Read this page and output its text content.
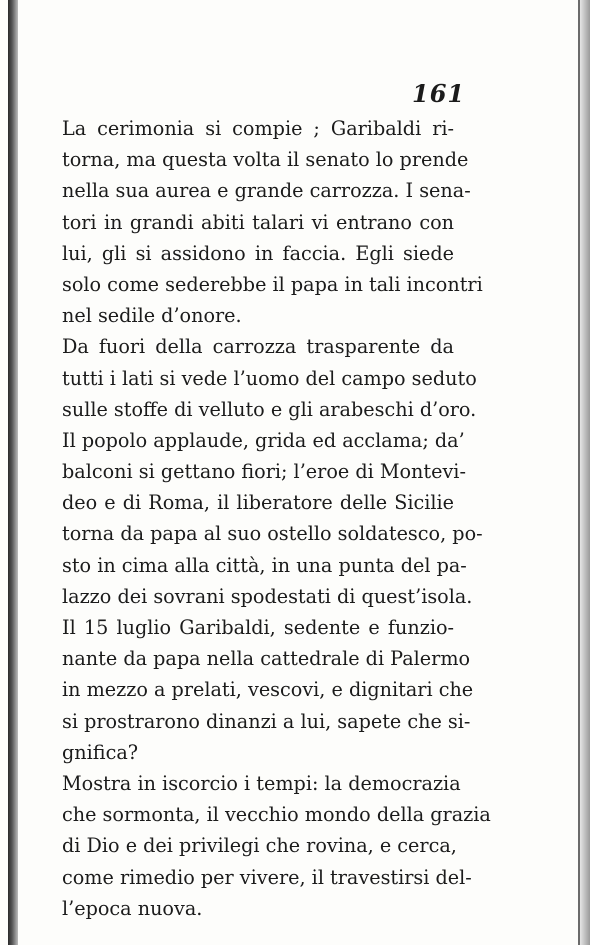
161
La cerimonia si compie ; Garibaldi ri-
torna, ma questa volta il senato lo prende
nella sua aurea e grande carrozza. I sena-
tori in grandi abiti talari vi entrano con
lui, gli si assidono in faccia. Egli siede
solo come sederebbe il papa in tali incontri
nel sedile d’onore.
Da fuori della carrozza trasparente da
tutti i lati si vede l’uomo del campo seduto
sulle stoffe di velluto e gli arabeschi d’oro.
Il popolo applaude, grida ed acclama; da’
balconi si gettano fiori; l’eroe di Montevi-
deo e di Roma, il liberatore delle Sicilie
torna da papa al suo ostello soldatesco, po-
sto in cima alla città, in una punta del pa-
lazzo dei sovrani spodestati di quest’isola.
Il 15 luglio Garibaldi, sedente e funzio-
nante da papa nella cattedrale di Palermo
in mezzo a prelati, vescovi, e dignitari che
si prostrarono dinanzi a lui, sapete che si-
gnifica?
Mostra in iscorcio i tempi: la democrazia
che sormonta, il vecchio mondo della grazia
di Dio e dei privilegi che rovina, e cerca,
come rimedio per vivere, il travestirsi del-
l’epoca nuova.
